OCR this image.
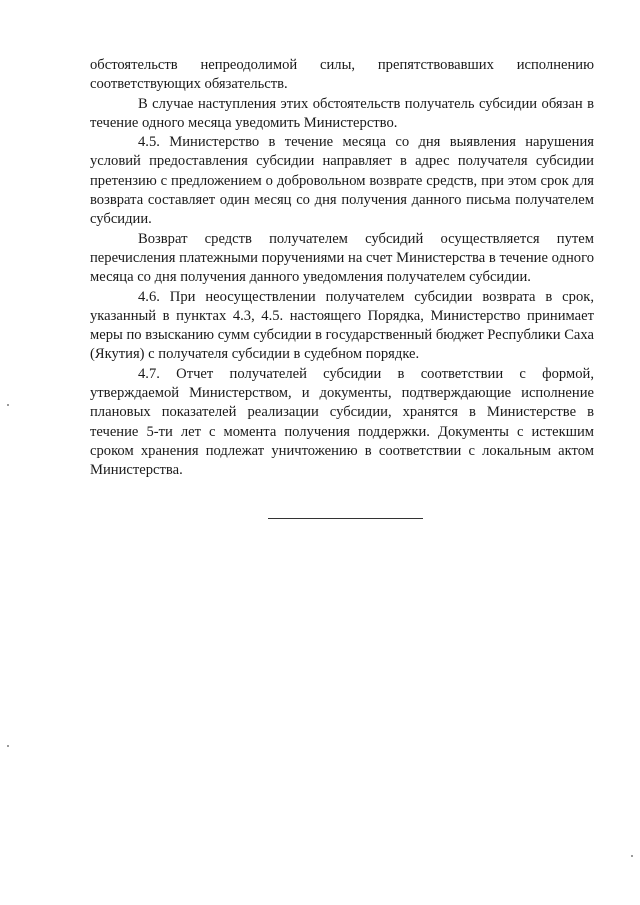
обстоятельств непреодолимой силы, препятствовавших исполнению соответствующих обязательств.

В случае наступления этих обстоятельств получатель субсидии обязан в течение одного месяца уведомить Министерство.

4.5. Министерство в течение месяца со дня выявления нарушения условий предоставления субсидии направляет в адрес получателя субсидии претензию с предложением о добровольном возврате средств, при этом срок для возврата составляет один месяц со дня получения данного письма получателем субсидии.

Возврат средств получателем субсидий осуществляется путем перечисления платежными поручениями на счет Министерства в течение одного месяца со дня получения данного уведомления получателем субсидии.

4.6. При неосуществлении получателем субсидии возврата в срок, указанный в пунктах 4.3, 4.5. настоящего Порядка, Министерство принимает меры по взысканию сумм субсидии в государственный бюджет Республики Саха (Якутия) с получателя субсидии в судебном порядке.

4.7. Отчет получателей субсидии в соответствии с формой, утверждаемой Министерством, и документы, подтверждающие исполнение плановых показателей реализации субсидии, хранятся в Министерстве в течение 5-ти лет с момента получения поддержки. Документы с истекшим сроком хранения подлежат уничтожению в соответствии с локальным актом Министерства.
